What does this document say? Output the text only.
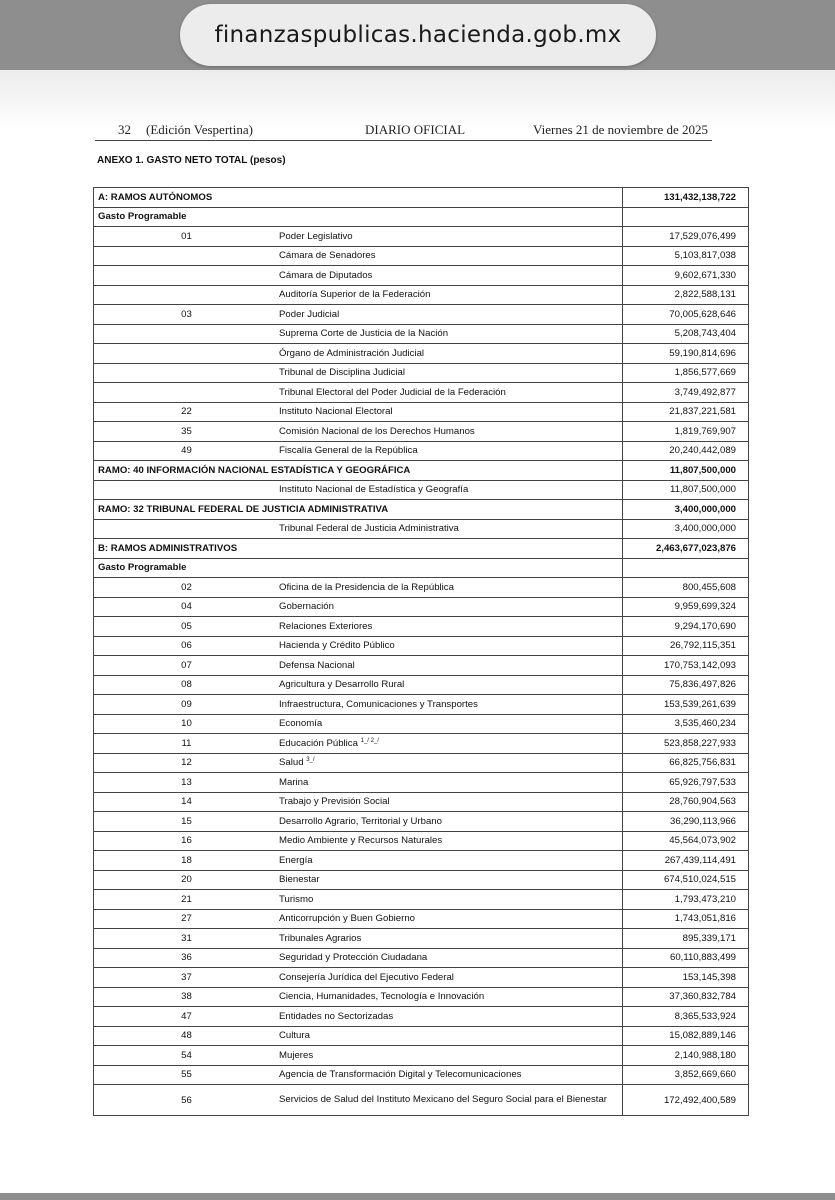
finanzaspublicas.hacienda.gob.mx
32 (Edición Vespertina)	DIARIO OFICIAL	Viernes 21 de noviembre de 2025
ANEXO 1. GASTO NETO TOTAL (pesos)
A: RAMOS AUTÓNOMOS	131,432,138,722
Gasto Programable	
01 Poder Legislativo	17,529,076,499
Cámara de Senadores	5,103,817,038
Cámara de Diputados	9,602,671,330
Auditoría Superior de la Federación	2,822,588,131
03 Poder Judicial	70,005,628,646
Suprema Corte de Justicia de la Nación	5,208,743,404
Órgano de Administración Judicial	59,190,814,696
Tribunal de Disciplina Judicial	1,856,577,669
Tribunal Electoral del Poder Judicial de la Federación	3,749,492,877
22 Instituto Nacional Electoral	21,837,221,581
35 Comisión Nacional de los Derechos Humanos	1,819,769,907
49 Fiscalía General de la República	20,240,442,089
RAMO: 40 INFORMACIÓN NACIONAL ESTADÍSTICA Y GEOGRÁFICA	11,807,500,000
Instituto Nacional de Estadística y Geografía	11,807,500,000
RAMO: 32 TRIBUNAL FEDERAL DE JUSTICIA ADMINISTRATIVA	3,400,000,000
Tribunal Federal de Justicia Administrativa	3,400,000,000
B: RAMOS ADMINISTRATIVOS	2,463,677,023,876
Gasto Programable	
02 Oficina de la Presidencia de la República	800,455,608
04 Gobernación	9,959,699,324
05 Relaciones Exteriores	9,294,170,690
06 Hacienda y Crédito Público	26,792,115,351
07 Defensa Nacional	170,753,142,093
08 Agricultura y Desarrollo Rural	75,836,497,826
09 Infraestructura, Comunicaciones y Transportes	153,539,261,639
10 Economía	3,535,460,234
11 Educación Pública $^{1\_/ 2\_/}$	523,858,227,933
12 Salud $^{3\_/}$	66,825,756,831
13 Marina	65,926,797,533
14 Trabajo y Previsión Social	28,760,904,563
15 Desarrollo Agrario, Territorial y Urbano	36,290,113,966
16 Medio Ambiente y Recursos Naturales	45,564,073,902
18 Energía	267,439,114,491
20 Bienestar	674,510,024,515
21 Turismo	1,793,473,210
27 Anticorrupción y Buen Gobierno	1,743,051,816
31 Tribunales Agrarios	895,339,171
36 Seguridad y Protección Ciudadana	60,110,883,499
37 Consejería Jurídica del Ejecutivo Federal	153,145,398
38 Ciencia, Humanidades, Tecnología e Innovación	37,360,832,784
47 Entidades no Sectorizadas	8,365,533,924
48 Cultura	15,082,889,146
54 Mujeres	2,140,988,180
55 Agencia de Transformación Digital y Telecomunicaciones	3,852,669,660
56 Servicios de Salud del Instituto Mexicano del Seguro Social para el Bienestar	172,492,400,589
